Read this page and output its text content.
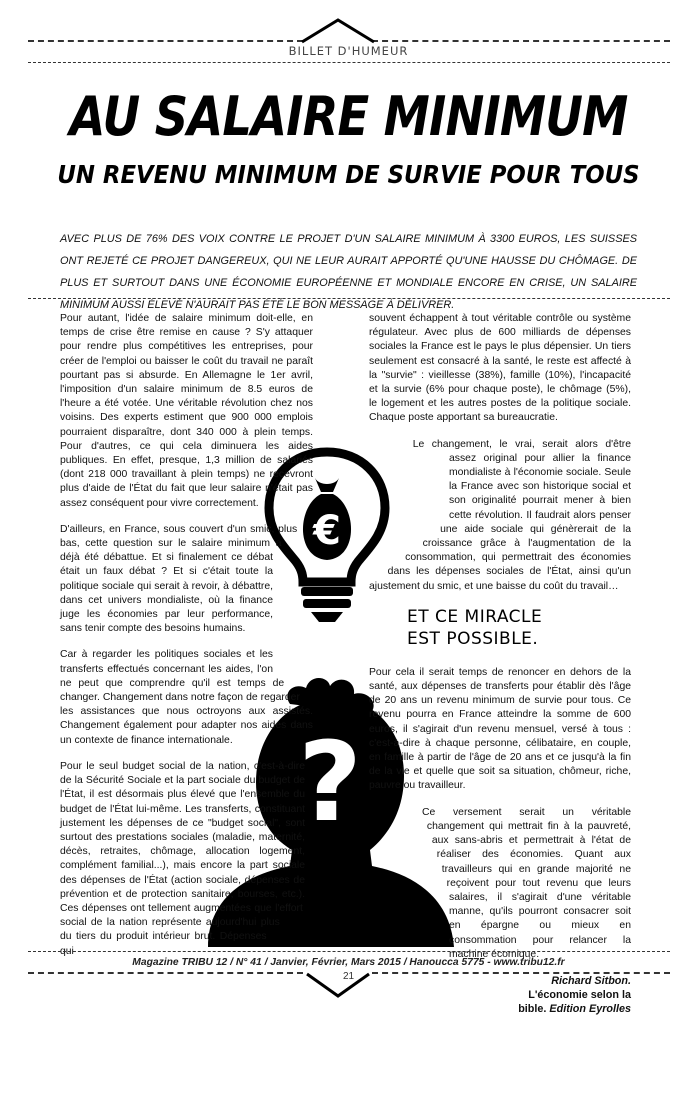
BILLET D'HUMEUR
AU SALAIRE MINIMUM
UN REVENU MINIMUM DE SURVIE POUR TOUS
AVEC PLUS DE 76% DES VOIX CONTRE LE PROJET D'UN SALAIRE MINIMUM À 3300 EUROS, LES SUISSES ONT REJETÉ CE PROJET DANGEREUX, QUI NE LEUR AURAIT APPORTÉ QU'UNE HAUSSE DU CHÔMAGE. DE PLUS ET SURTOUT DANS UNE ÉCONOMIE EUROPÉENNE ET MONDIALE ENCORE EN CRISE, UN SALAIRE MINIMUM AUSSI ÉLEVÉ N'AURAIT PAS ÉTÉ LE BON MESSAGE À DÉLIVRER.
€
?

Pour autant, l'idée de salaire minimum doit-elle, en temps de crise être remise en cause ? S'y attaquer pour rendre plus compétitives les entreprises, pour créer de l'emploi ou baisser le coût du travail ne paraît pourtant pas si absurde. En Allemagne le 1er avril, l'imposition d'un salaire minimum de 8.5 euros de l'heure a été votée. Une véritable révolution chez nos voisins. Des experts estiment que 900 000 emplois pourraient disparaître, dont 340 000 à plein temps. Pour d'autres, ce qui cela diminuera les aides publiques. En effet, presque, 1,3 million de salariés (dont 218 000 travaillant à plein temps) ne recevront plus d'aide de l'État du fait que leur salaire n'était pas assez conséquent pour vivre correctement.

D'ailleurs, en France, sous couvert d'un smic, plus bas, cette question sur le salaire minimum a déjà été débattue. Et si finalement ce débat était un faux débat ? Et si c'était toute la politique sociale qui serait à revoir, à débattre, dans cet univers mondialiste, où la finance juge les économies par leur performance, sans tenir compte des besoins humains.

Car à regarder les politiques sociales et les transferts effectués concernant les aides, l'on ne peut que comprendre qu'il est temps de changer. Changement dans notre façon de regarder les assistances que nous octroyons aux assistés. Changement également pour adapter nos aides dans un contexte de finance internationale.

Pour le seul budget social de la nation, c'est-à-dire de la Sécurité Sociale et la part sociale du budget de l'État, il est désormais plus élevé que l'ensemble du budget de l'État lui-même. Les transferts, constituant justement les dépenses de ce "budget social", sont surtout des prestations sociales (maladie, maternité, décès, retraites, chômage, allocation logement, complément familial...), mais encore la part sociale des dépenses de l'État (action sociale, dépenses de prévention et de protection sanitaire, bourses, etc.). Ces dépenses ont tellement augmentées que l'effort social de la nation représente aujourd'hui plus du tiers du produit intérieur brut. Dépenses qui

souvent échappent à tout véritable contrôle ou système régulateur. Avec plus de 600 milliards de dépenses sociales la France est le pays le plus dépensier. Un tiers seulement est consacré à la santé, le reste est affecté à la "survie" : vieillesse (38%), famille (10%), l'incapacité et la survie (6% pour chaque poste), le chômage (5%), le logement et les autres postes de la politique sociale. Chaque poste apportant sa bureaucratie.

Le changement, le vrai, serait alors d'être assez original pour allier la finance mondialiste à l'économie sociale. Seule la France avec son historique social et son originalité pourrait mener à bien cette révolution. Il faudrait alors penser une aide sociale qui génèrerait de la croissance grâce à l'augmentation de la consommation, qui permettrait des économies dans les dépenses sociales de l'État, ainsi qu'un ajustement du smic, et une baisse du coût du travail…

ET CE MIRACLE
EST POSSIBLE.

Pour cela il serait temps de renoncer en dehors de la santé, aux dépenses de transferts pour établir dès l'âge de 20 ans un revenu minimum de survie pour tous. Ce revenu pourra en France atteindre la somme de 600 euros, il s'agirait d'un revenu mensuel, versé à tous : c'est-à-dire à chaque personne, célibataire, en couple, en famille à partir de l'âge de 20 ans et ce jusqu'à la fin de la vie et quelle que soit sa situation, chômeur, riche, pauvre ou travailleur.

Ce versement serait un véritable changement qui mettrait fin à la pauvreté, aux sans-abris et permettrait à l'état de réaliser des économies. Quant aux travailleurs qui en grande majorité ne reçoivent pour tout revenu que leurs salaires, il s'agirait d'une véritable manne, qu'ils pourront consacrer soit en épargne ou mieux en consommation pour relancer la machine écomique.

Richard Sitbon.
L'économie selon la
bible. Edition Eyrolles
Magazine TRIBU 12 / N° 41 / Janvier, Février, Mars 2015 / Hanoucca 5775 - www.tribu12.fr
21
